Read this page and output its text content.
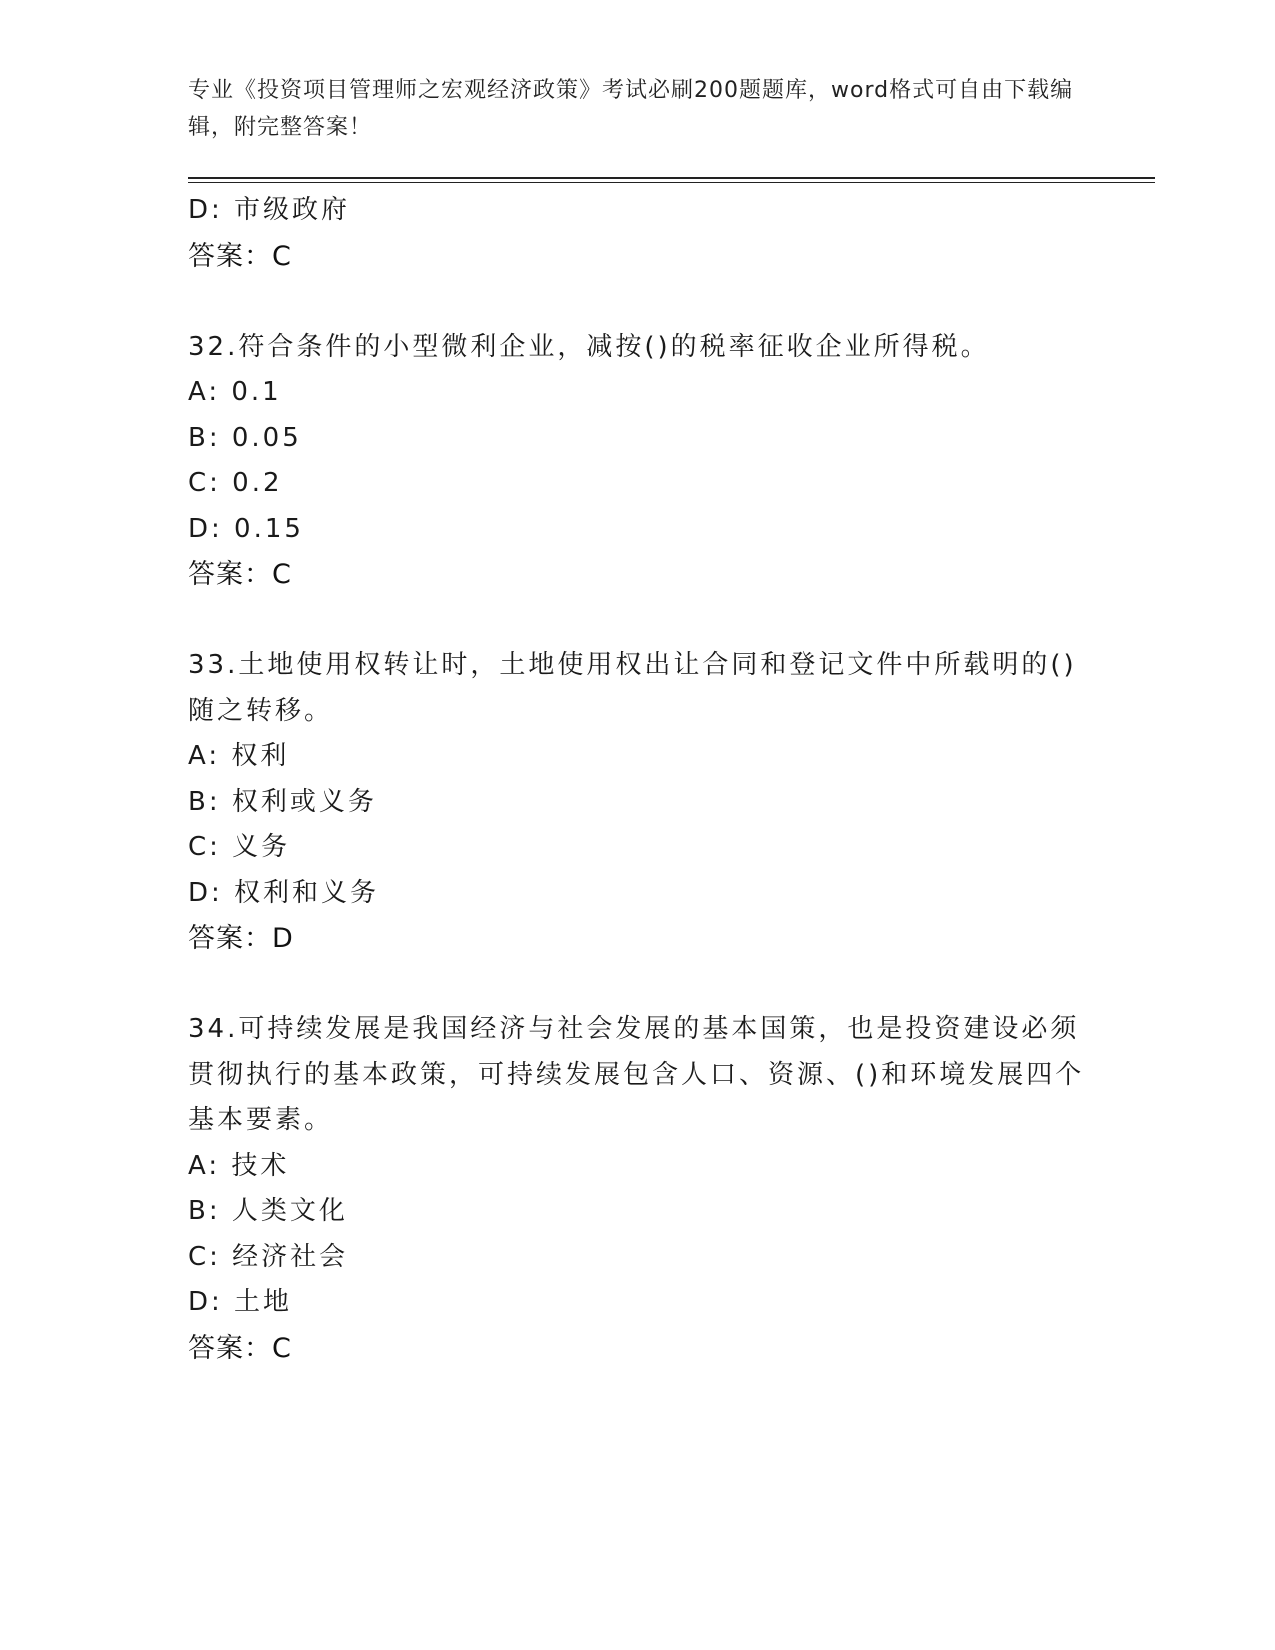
专业《投资项目管理师之宏观经济政策》考试必刷200题题库，word格式可自由下载编辑，附完整答案！
D: 市级政府
答案：C
32.符合条件的小型微利企业，减按()的税率征收企业所得税。
A: 0.1
B: 0.05
C: 0.2
D: 0.15
答案：C
33.土地使用权转让时，土地使用权出让合同和登记文件中所载明的()随之转移。
A: 权利
B: 权利或义务
C: 义务
D: 权利和义务
答案：D
34.可持续发展是我国经济与社会发展的基本国策，也是投资建设必须贯彻执行的基本政策，可持续发展包含人口、资源、()和环境发展四个基本要素。
A: 技术
B: 人类文化
C: 经济社会
D: 土地
答案：C
